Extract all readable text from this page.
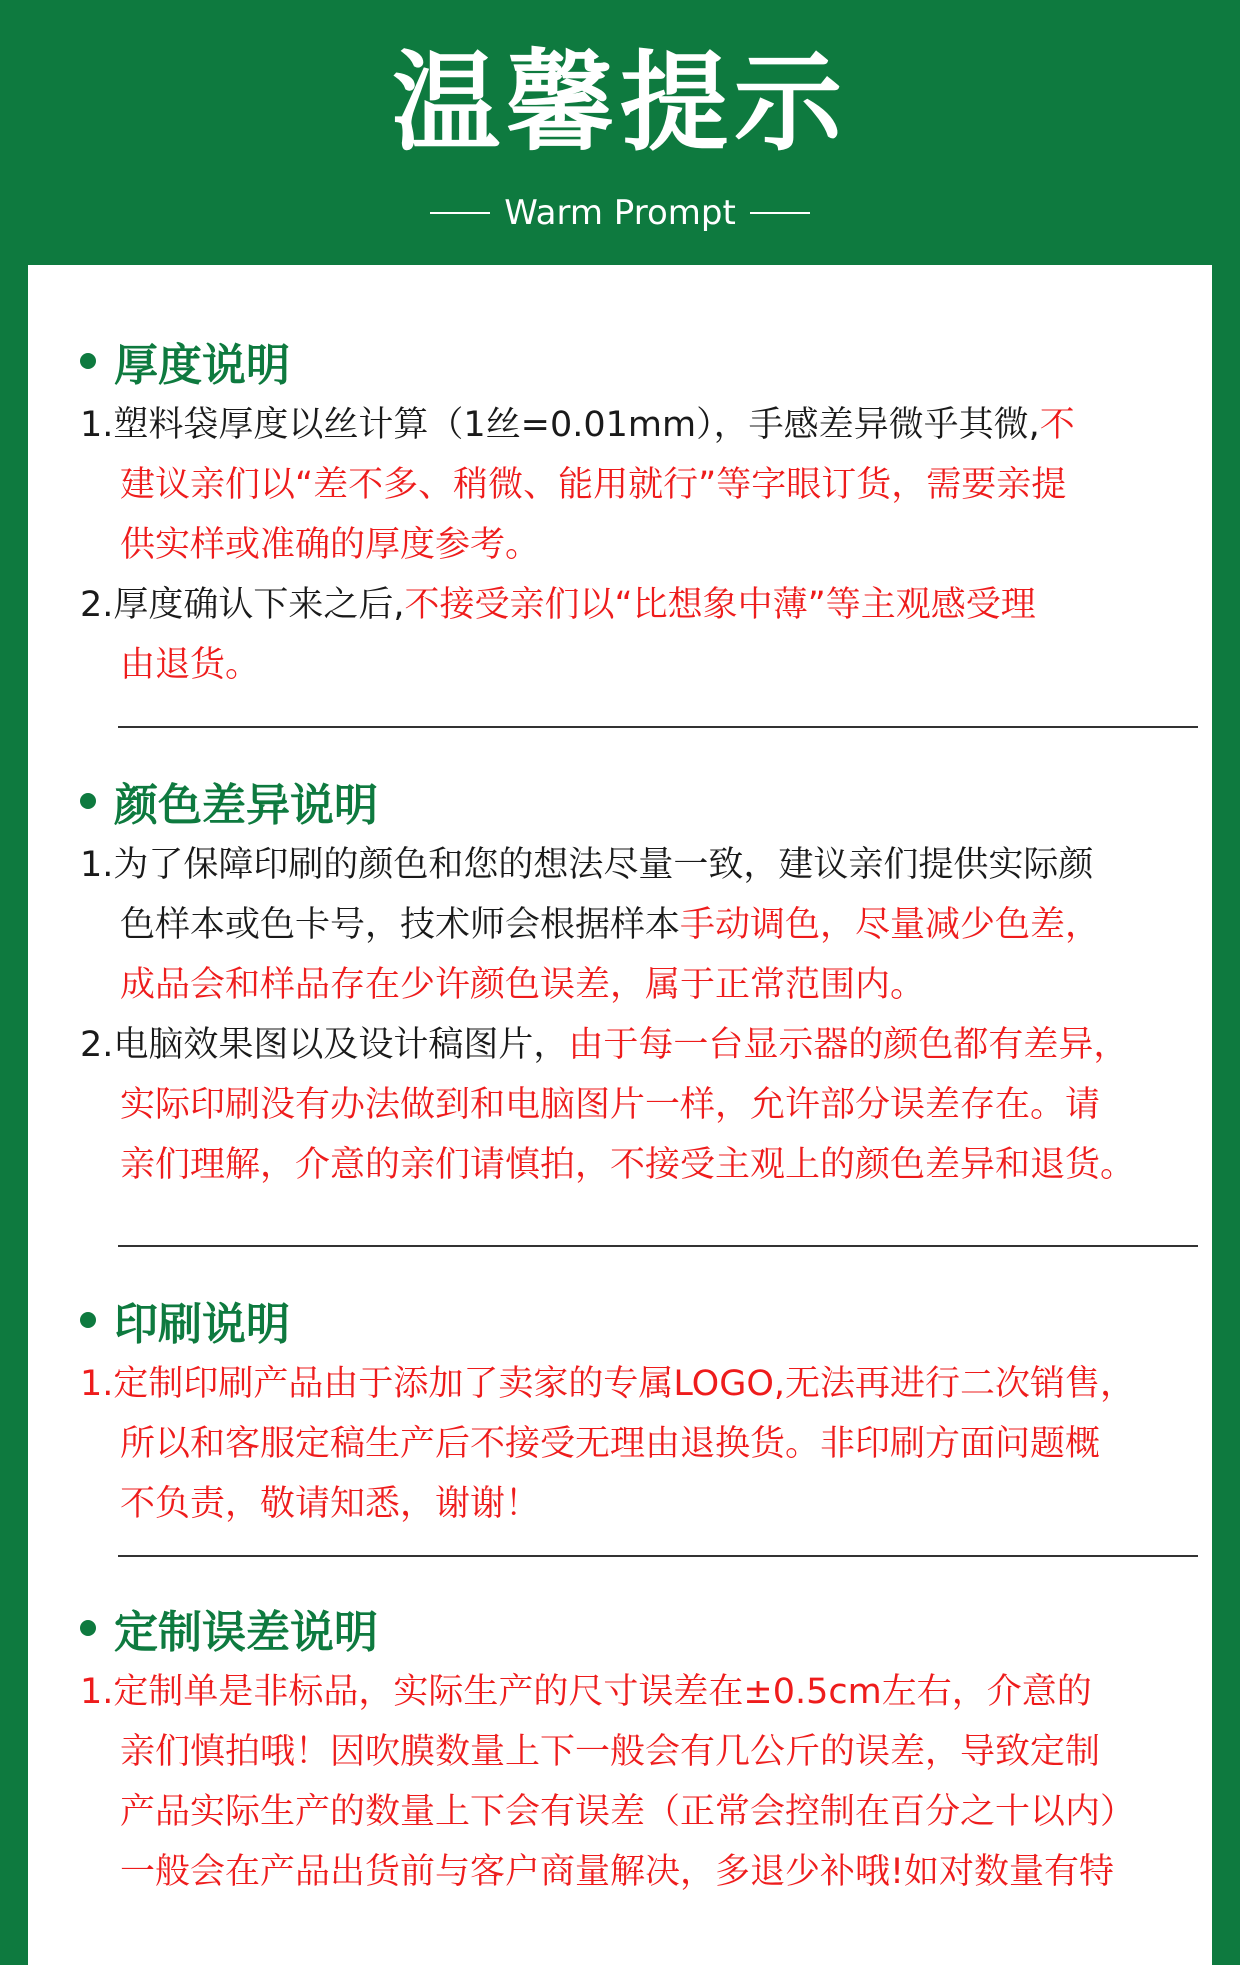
温馨提示
Warm Prompt
厚度说明
1.塑料袋厚度以丝计算（1丝=0.01mm），手感差异微乎其微,不
建议亲们以“差不多、稍微、能用就行”等字眼订货，需要亲提
供实样或准确的厚度参考。
2.厚度确认下来之后,不接受亲们以“比想象中薄”等主观感受理
由退货。
颜色差异说明
1.为了保障印刷的颜色和您的想法尽量一致，建议亲们提供实际颜
色样本或色卡号，技术师会根据样本手动调色，尽量减少色差，
成品会和样品存在少许颜色误差，属于正常范围内。
2.电脑效果图以及设计稿图片，由于每一台显示器的颜色都有差异，
实际印刷没有办法做到和电脑图片一样，允许部分误差存在。请
亲们理解，介意的亲们请慎拍，不接受主观上的颜色差异和退货。
印刷说明
1.定制印刷产品由于添加了卖家的专属LOGO,无法再进行二次销售，
所以和客服定稿生产后不接受无理由退换货。非印刷方面问题概
不负责，敬请知悉，谢谢！
定制误差说明
1.定制单是非标品，实际生产的尺寸误差在±0.5cm左右，介意的
亲们慎拍哦！因吹膜数量上下一般会有几公斤的误差，导致定制
产品实际生产的数量上下会有误差（正常会控制在百分之十以内）
一般会在产品出货前与客户商量解决，多退少补哦!如对数量有特
